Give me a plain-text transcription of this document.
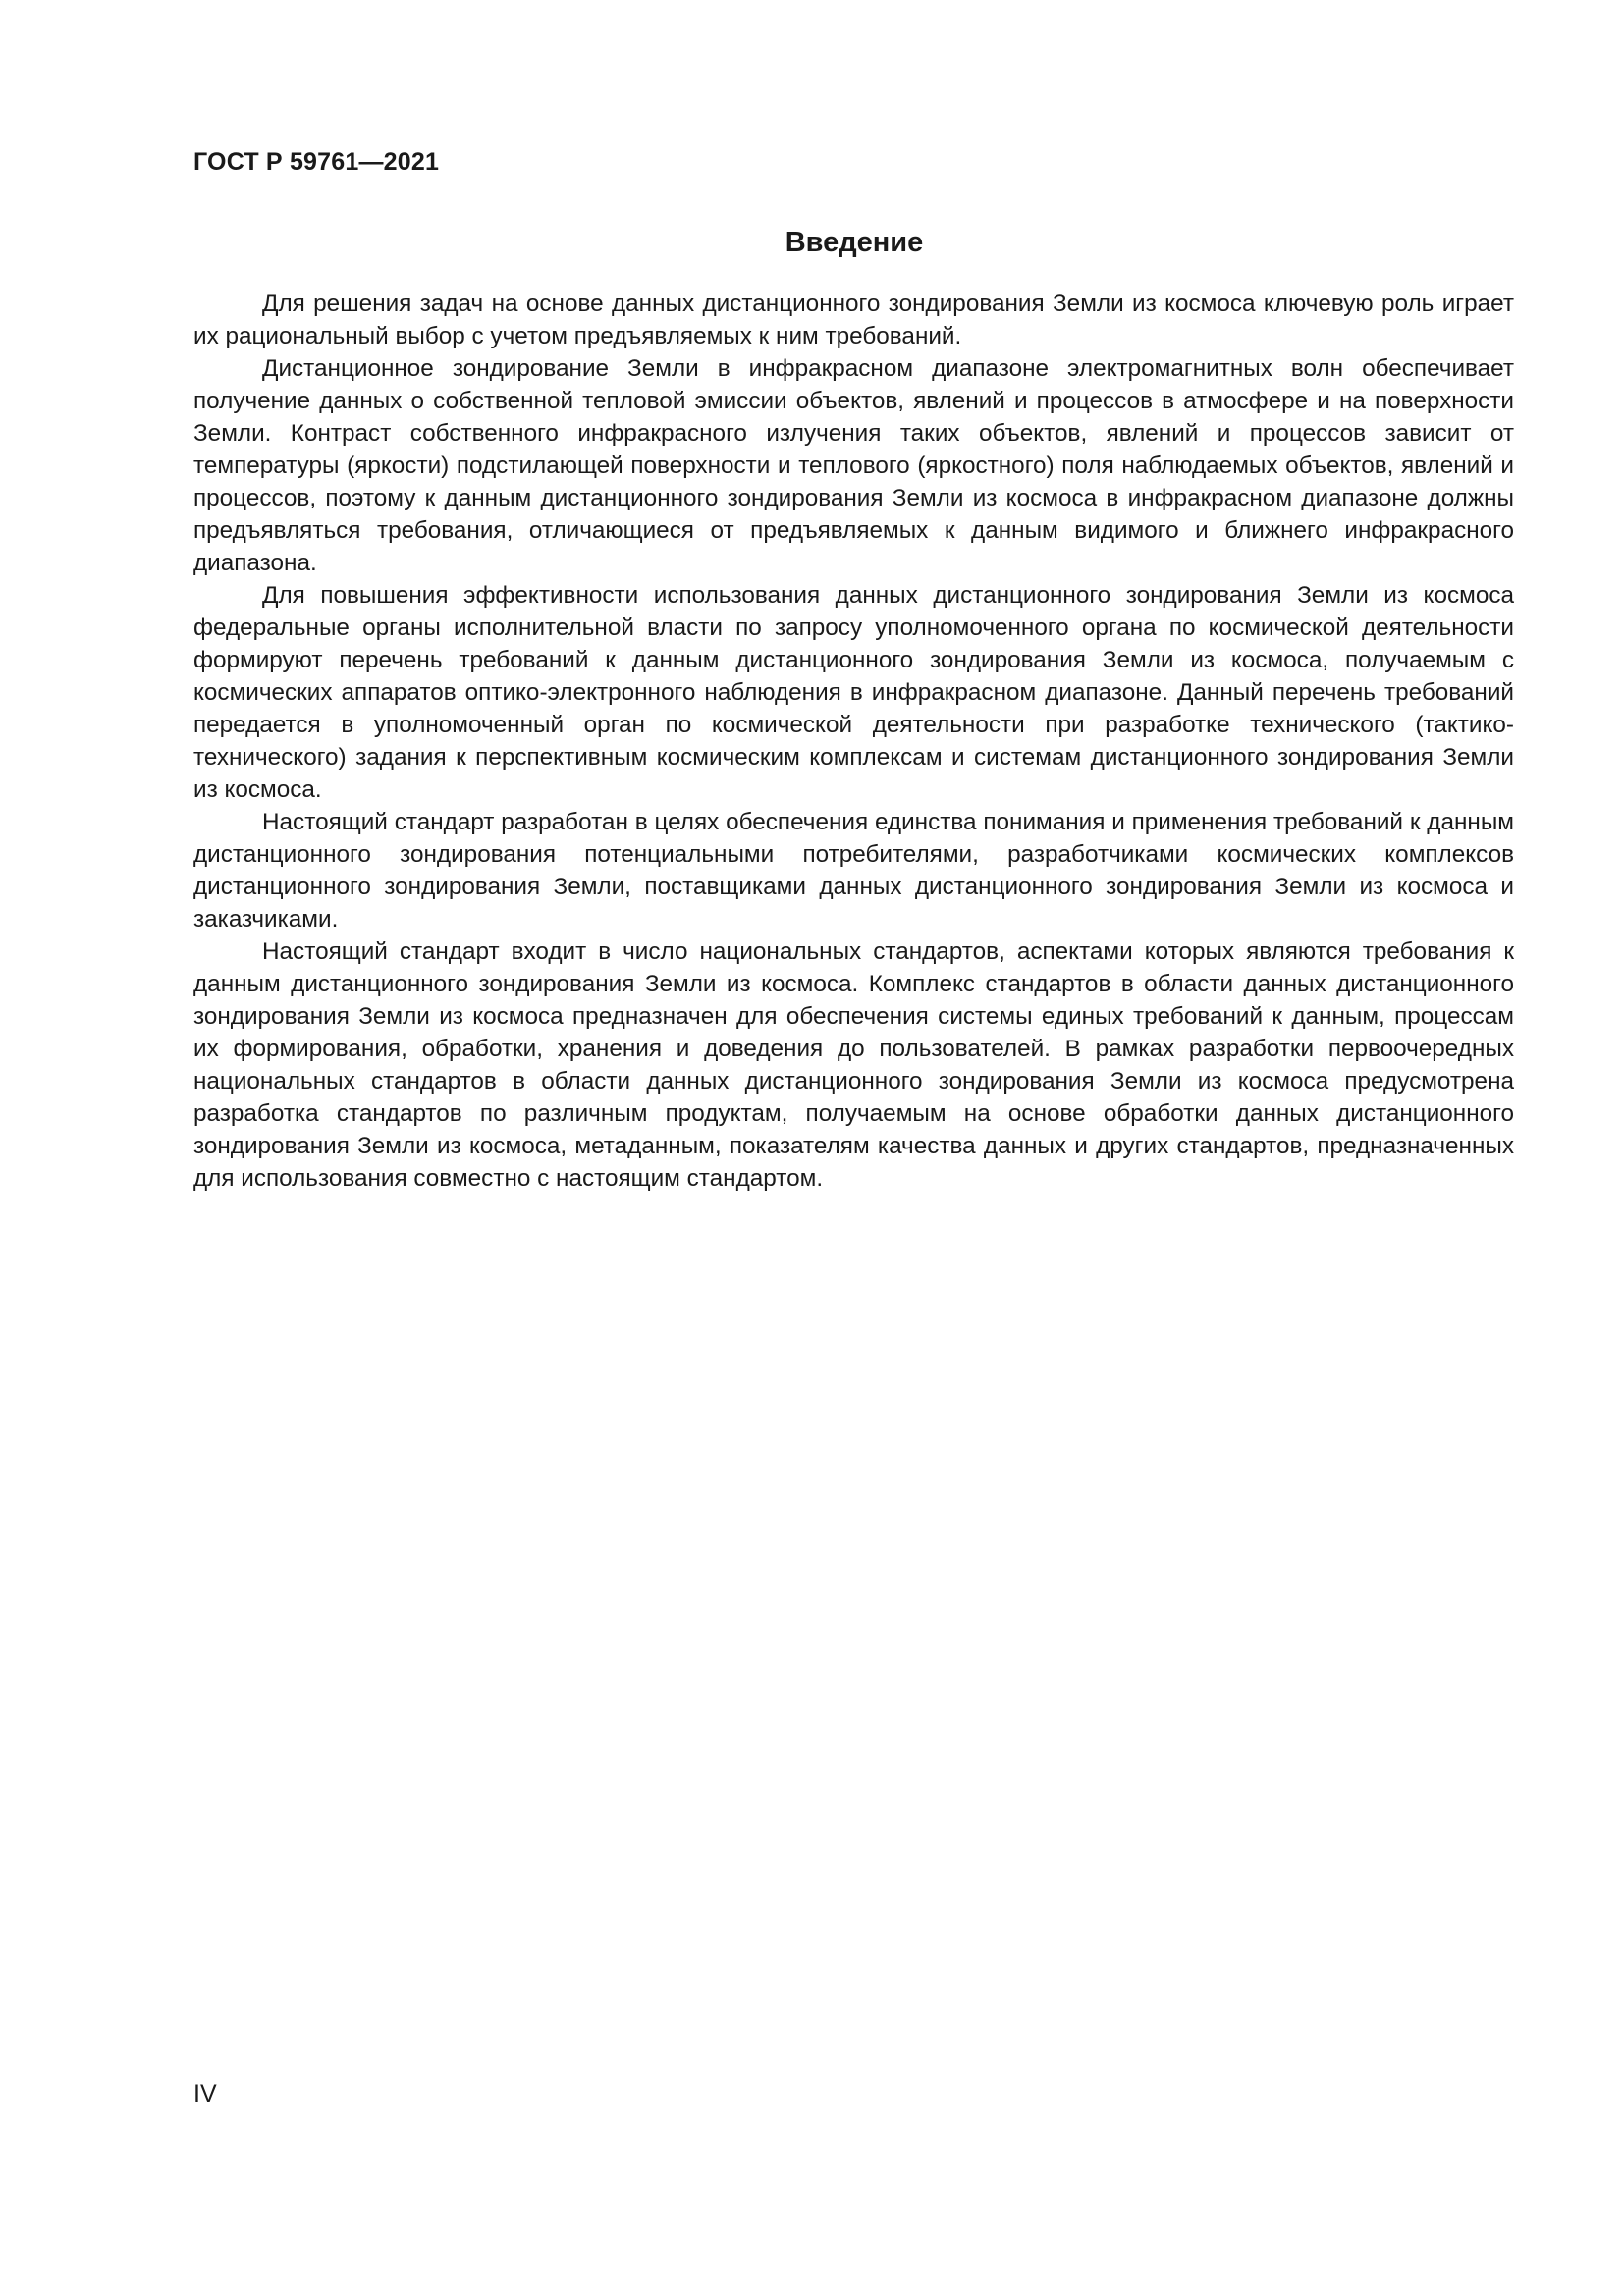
ГОСТ Р 59761—2021
Введение

Для решения задач на основе данных дистанционного зондирования Земли из космоса ключевую роль играет их рациональный выбор с учетом предъявляемых к ним требований.

Дистанционное зондирование Земли в инфракрасном диапазоне электромагнитных волн обеспечивает получение данных о собственной тепловой эмиссии объектов, явлений и процессов в атмосфере и на поверхности Земли. Контраст собственного инфракрасного излучения таких объектов, явлений и процессов зависит от температуры (яркости) подстилающей поверхности и теплового (яркостного) поля наблюдаемых объектов, явлений и процессов, поэтому к данным дистанционного зондирования Земли из космоса в инфракрасном диапазоне должны предъявляться требования, отличающиеся от предъявляемых к данным видимого и ближнего инфракрасного диапазона.

Для повышения эффективности использования данных дистанционного зондирования Земли из космоса федеральные органы исполнительной власти по запросу уполномоченного органа по космической деятельности формируют перечень требований к данным дистанционного зондирования Земли из космоса, получаемым с космических аппаратов оптико-электронного наблюдения в инфракрасном диапазоне. Данный перечень требований передается в уполномоченный орган по космической деятельности при разработке технического (тактико-технического) задания к перспективным космическим комплексам и системам дистанционного зондирования Земли из космоса.

Настоящий стандарт разработан в целях обеспечения единства понимания и применения требований к данным дистанционного зондирования потенциальными потребителями, разработчиками космических комплексов дистанционного зондирования Земли, поставщиками данных дистанционного зондирования Земли из космоса и заказчиками.

Настоящий стандарт входит в число национальных стандартов, аспектами которых являются требования к данным дистанционного зондирования Земли из космоса. Комплекс стандартов в области данных дистанционного зондирования Земли из космоса предназначен для обеспечения системы единых требований к данным, процессам их формирования, обработки, хранения и доведения до пользователей. В рамках разработки первоочередных национальных стандартов в области данных дистанционного зондирования Земли из космоса предусмотрена разработка стандартов по различным продуктам, получаемым на основе обработки данных дистанционного зондирования Земли из космоса, метаданным, показателям качества данных и других стандартов, предназначенных для использования совместно с настоящим стандартом.

IV
